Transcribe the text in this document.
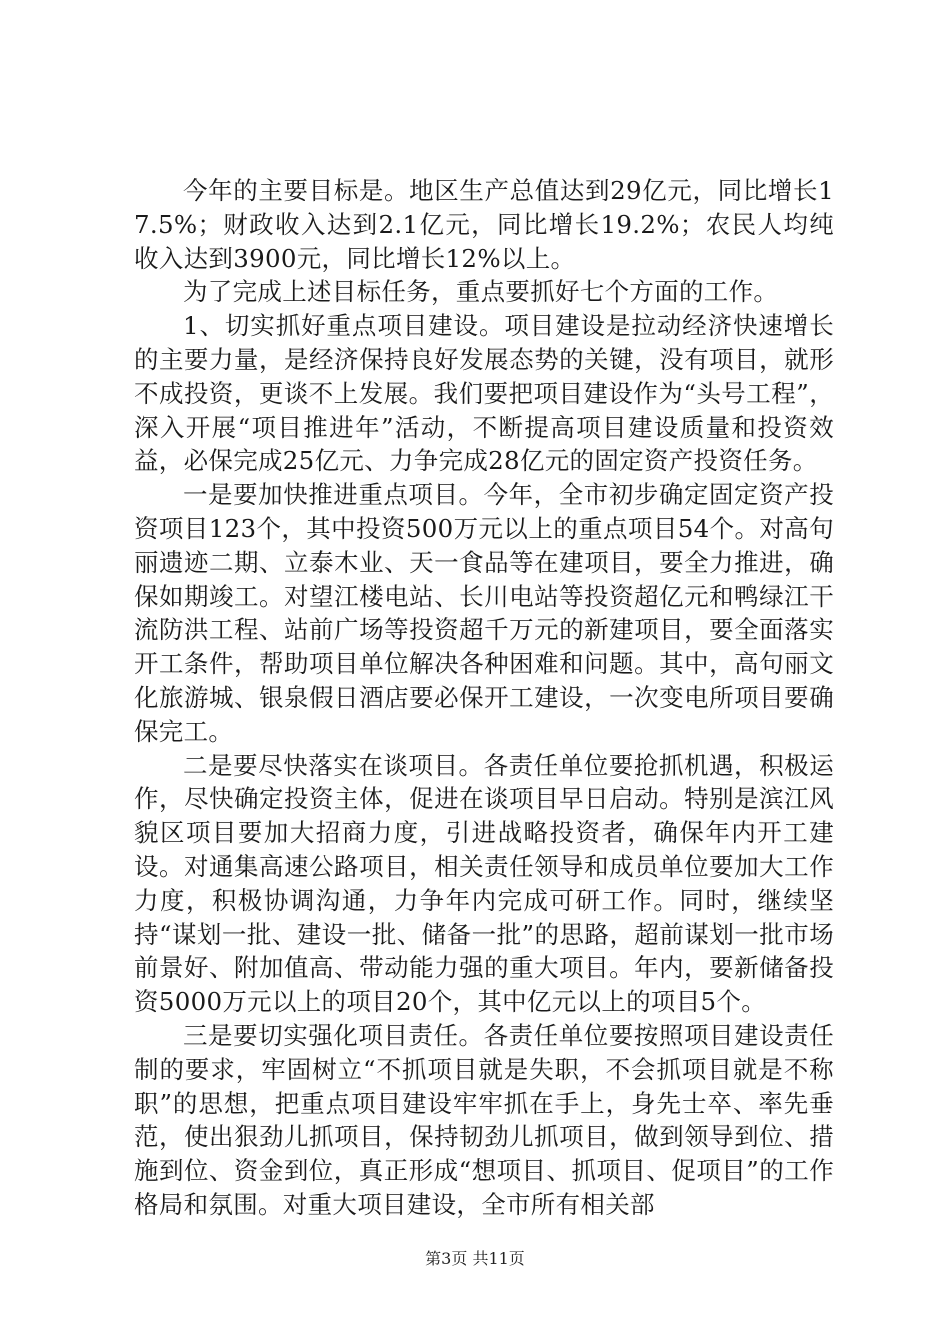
今年的主要目标是。地区生产总值达到29亿元，同比增长17.5%；财政收入达到2.1亿元，同比增长19.2%；农民人均纯收入达到3900元，同比增长12%以上。

为了完成上述目标任务，重点要抓好七个方面的工作。

1、切实抓好重点项目建设。项目建设是拉动经济快速增长的主要力量，是经济保持良好发展态势的关键，没有项目，就形不成投资，更谈不上发展。我们要把项目建设作为“头号工程”，深入开展“项目推进年”活动，不断提高项目建设质量和投资效益，必保完成25亿元、力争完成28亿元的固定资产投资任务。

一是要加快推进重点项目。今年，全市初步确定固定资产投资项目123个，其中投资500万元以上的重点项目54个。对高句丽遗迹二期、立泰木业、天一食品等在建项目，要全力推进，确保如期竣工。对望江楼电站、长川电站等投资超亿元和鸭绿江干流防洪工程、站前广场等投资超千万元的新建项目，要全面落实开工条件，帮助项目单位解决各种困难和问题。其中，高句丽文化旅游城、银泉假日酒店要必保开工建设，一次变电所项目要确保完工。

二是要尽快落实在谈项目。各责任单位要抢抓机遇，积极运作，尽快确定投资主体，促进在谈项目早日启动。特别是滨江风貌区项目要加大招商力度，引进战略投资者，确保年内开工建设。对通集高速公路项目，相关责任领导和成员单位要加大工作力度，积极协调沟通，力争年内完成可研工作。同时，继续坚持“谋划一批、建设一批、储备一批”的思路，超前谋划一批市场前景好、附加值高、带动能力强的重大项目。年内，要新储备投资5000万元以上的项目20个，其中亿元以上的项目5个。

三是要切实强化项目责任。各责任单位要按照项目建设责任制的要求，牢固树立“不抓项目就是失职，不会抓项目就是不称职”的思想，把重点项目建设牢牢抓在手上，身先士卒、率先垂范，使出狠劲儿抓项目，保持韧劲儿抓项目，做到领导到位、措施到位、资金到位，真正形成“想项目、抓项目、促项目”的工作格局和氛围。对重大项目建设，全市所有相关部

第3页 共11页
